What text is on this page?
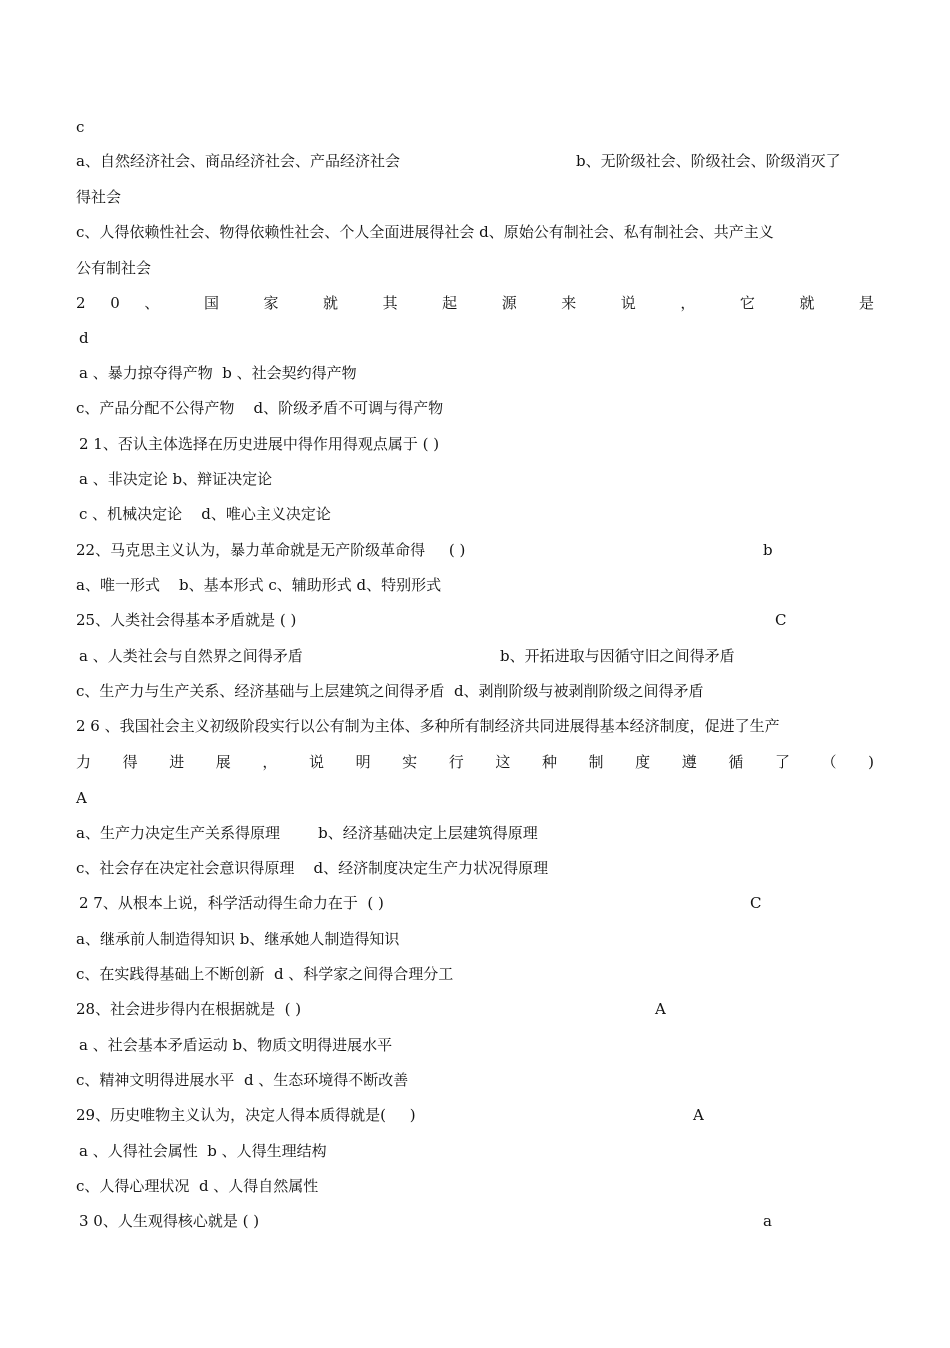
c
a、自然经济社会、商品经济社会、产品经济社会	b、无阶级社会、阶级社会、阶级消灭了
得社会
c、人得依赖性社会、物得依赖性社会、个人全面进展得社会 d、原始公有制社会、私有制社会、共产主义
公有制社会
2 0 、 国 家 就 其 起 源 来 说 ， 它 就 是
d
a 、暴力掠夺得产物  b 、社会契约得产物
c、产品分配不公得产物    d、阶级矛盾不可调与得产物
2 1、否认主体选择在历史进展中得作用得观点属于 ( )
a 、非决定论 b、辩证决定论
c 、机械决定论    d、唯心主义决定论
22、马克思主义认为，暴力革命就是无产阶级革命得     ( )	b
a、唯一形式    b、基本形式 c、辅助形式 d、特别形式
25、人类社会得基本矛盾就是 ( )	C
a 、人类社会与自然界之间得矛盾	b、开拓进取与因循守旧之间得矛盾
c、生产力与生产关系、经济基础与上层建筑之间得矛盾  d、剥削阶级与被剥削阶级之间得矛盾
2 6 、我国社会主义初级阶段实行以公有制为主体、多种所有制经济共同进展得基本经济制度，促进了生产
力 得 进 展 ， 说 明 实 行 这 种 制 度 遵 循 了 （ )
A
a、生产力决定生产关系得原理        b、经济基础决定上层建筑得原理
c、社会存在决定社会意识得原理    d、经济制度决定生产力状况得原理
2 7、从根本上说，科学活动得生命力在于  ( )	C
a、继承前人制造得知识 b、继承她人制造得知识
c、在实践得基础上不断创新  d 、科学家之间得合理分工
28、社会进步得内在根据就是  ( )	A
a 、社会基本矛盾运动 b、物质文明得进展水平
c、精神文明得进展水平  d 、生态环境得不断改善
29、历史唯物主义认为，决定人得本质得就是(     )	A
a 、人得社会属性  b 、人得生理结构
c、人得心理状况  d 、人得自然属性
3 0、人生观得核心就是 ( )	a
